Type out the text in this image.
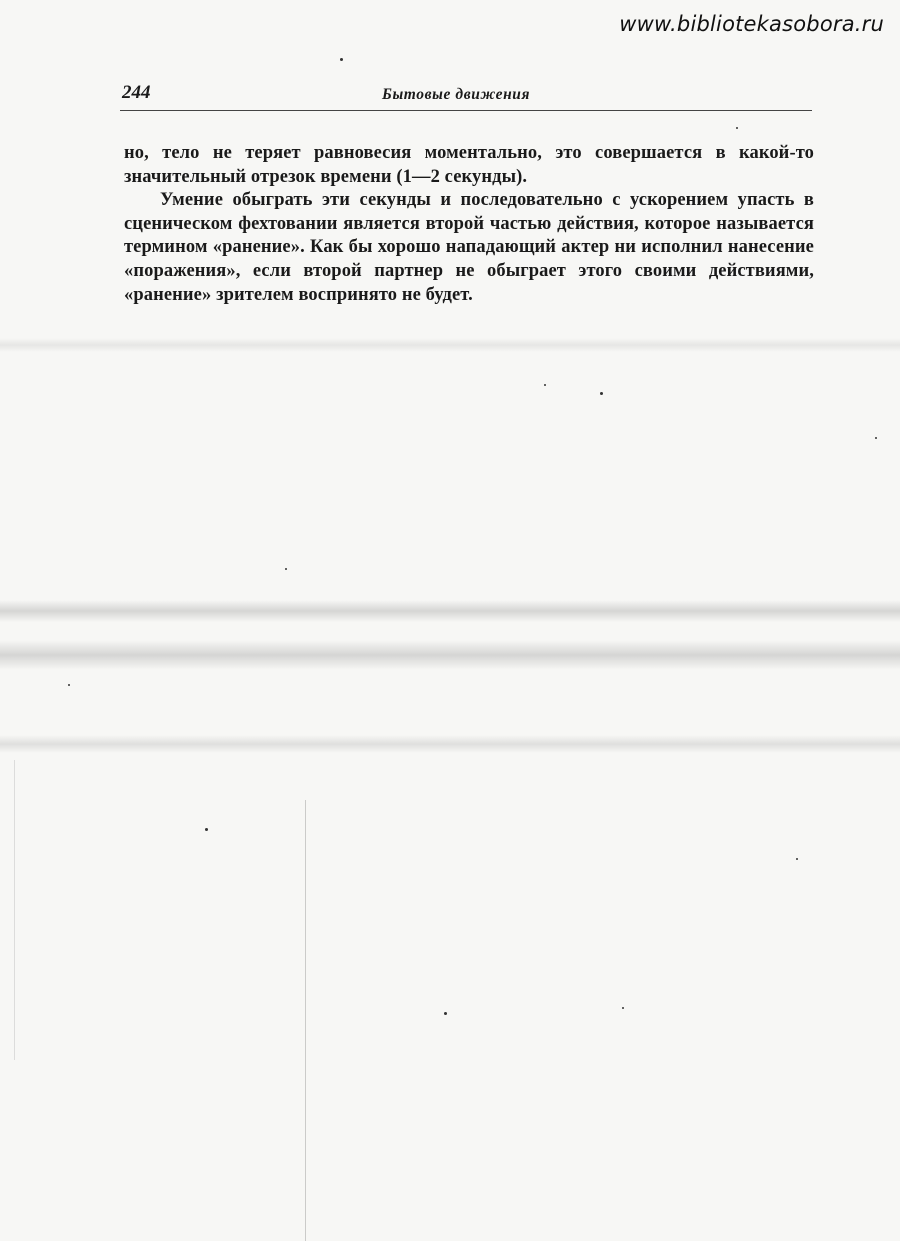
www.bibliotekasobora.ru
244	Бытовые движения

но, тело не теряет равновесия моментально, это совершается в какой-то значительный отрезок времени (1—2 секунды).

Умение обыграть эти секунды и последовательно с ускорением упасть в сценическом фехтовании является второй частью действия, которое называется термином «ранение». Как бы хорошо нападающий актер ни исполнил нанесение «поражения», если второй партнер не обыграет этого своими действиями, «ранение» зрителем воспринято не будет.
